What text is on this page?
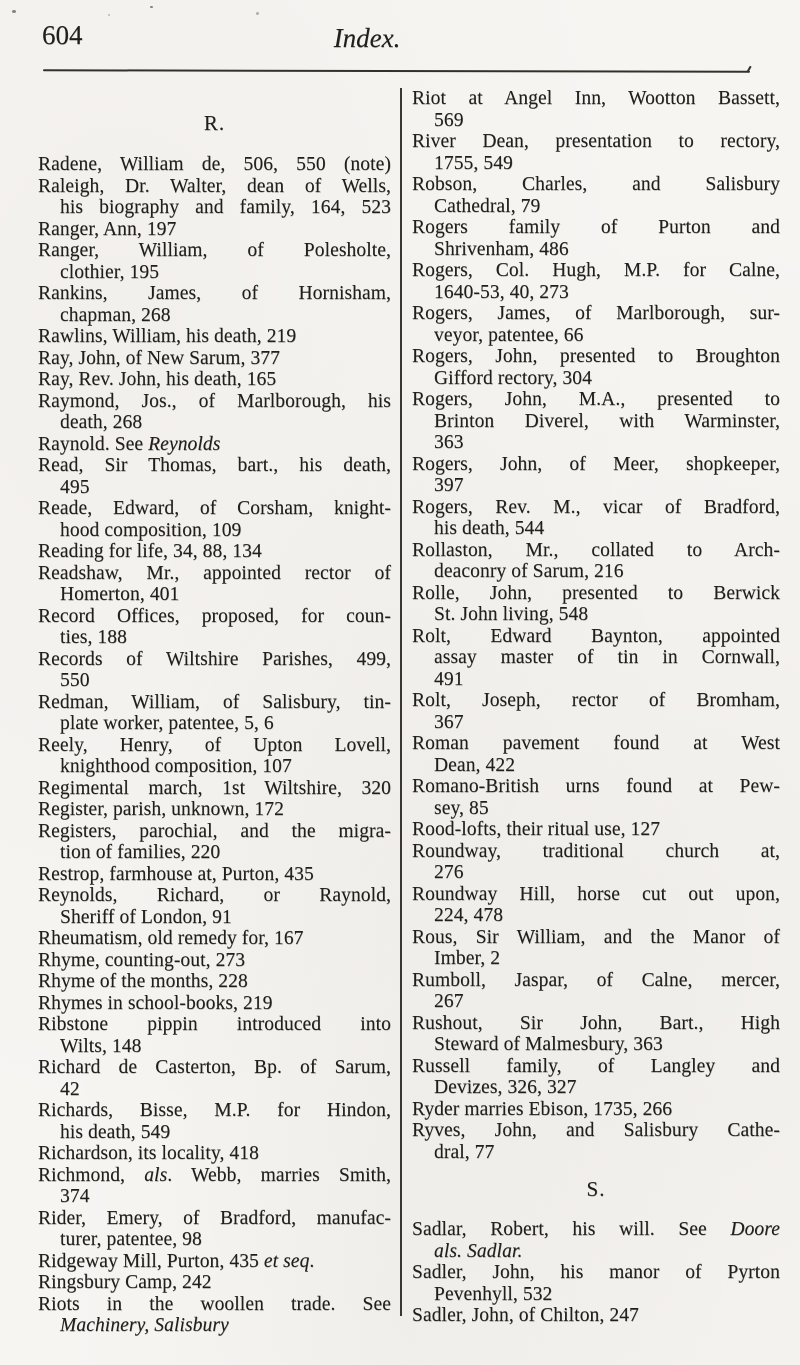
604	Index.
R.
Radene, William de, 506, 550 (note)
Raleigh, Dr. Walter, dean of Wells,
his biography and family, 164, 523
Ranger, Ann, 197
Ranger, William, of Polesholte,
clothier, 195
Rankins, James, of Hornisham,
chapman, 268
Rawlins, William, his death, 219
Ray, John, of New Sarum, 377
Ray, Rev. John, his death, 165
Raymond, Jos., of Marlborough, his
death, 268
Raynold. See Reynolds
Read, Sir Thomas, bart., his death,
495
Reade, Edward, of Corsham, knight-
hood composition, 109
Reading for life, 34, 88, 134
Readshaw, Mr., appointed rector of
Homerton, 401
Record Offices, proposed, for coun-
ties, 188
Records of Wiltshire Parishes, 499,
550
Redman, William, of Salisbury, tin-
plate worker, patentee, 5, 6
Reely, Henry, of Upton Lovell,
knighthood composition, 107
Regimental march, 1st Wiltshire, 320
Register, parish, unknown, 172
Registers, parochial, and the migra-
tion of families, 220
Restrop, farmhouse at, Purton, 435
Reynolds, Richard, or Raynold,
Sheriff of London, 91
Rheumatism, old remedy for, 167
Rhyme, counting-out, 273
Rhyme of the months, 228
Rhymes in school-books, 219
Ribstone pippin introduced into
Wilts, 148
Richard de Casterton, Bp. of Sarum,
42
Richards, Bisse, M.P. for Hindon,
his death, 549
Richardson, its locality, 418
Richmond, als. Webb, marries Smith,
374
Rider, Emery, of Bradford, manufac-
turer, patentee, 98
Ridgeway Mill, Purton, 435 et seq.
Ringsbury Camp, 242
Riots in the woollen trade. See
Machinery, Salisbury
Riot at Angel Inn, Wootton Bassett,
569
River Dean, presentation to rectory,
1755, 549
Robson, Charles, and Salisbury
Cathedral, 79
Rogers family of Purton and
Shrivenham, 486
Rogers, Col. Hugh, M.P. for Calne,
1640-53, 40, 273
Rogers, James, of Marlborough, sur-
veyor, patentee, 66
Rogers, John, presented to Broughton
Gifford rectory, 304
Rogers, John, M.A., presented to
Brinton Diverel, with Warminster,
363
Rogers, John, of Meer, shopkeeper,
397
Rogers, Rev. M., vicar of Bradford,
his death, 544
Rollaston, Mr., collated to Arch-
deaconry of Sarum, 216
Rolle, John, presented to Berwick
St. John living, 548
Rolt, Edward Baynton, appointed
assay master of tin in Cornwall,
491
Rolt, Joseph, rector of Bromham,
367
Roman pavement found at West
Dean, 422
Romano-British urns found at Pew-
sey, 85
Rood-lofts, their ritual use, 127
Roundway, traditional church at,
276
Roundway Hill, horse cut out upon,
224, 478
Rous, Sir William, and the Manor of
Imber, 2
Rumboll, Jaspar, of Calne, mercer,
267
Rushout, Sir John, Bart., High
Steward of Malmesbury, 363
Russell family, of Langley and
Devizes, 326, 327
Ryder marries Ebison, 1735, 266
Ryves, John, and Salisbury Cathe-
dral, 77
S.
Sadlar, Robert, his will. See Doore
als. Sadlar.
Sadler, John, his manor of Pyrton
Pevenhyll, 532
Sadler, John, of Chilton, 247
